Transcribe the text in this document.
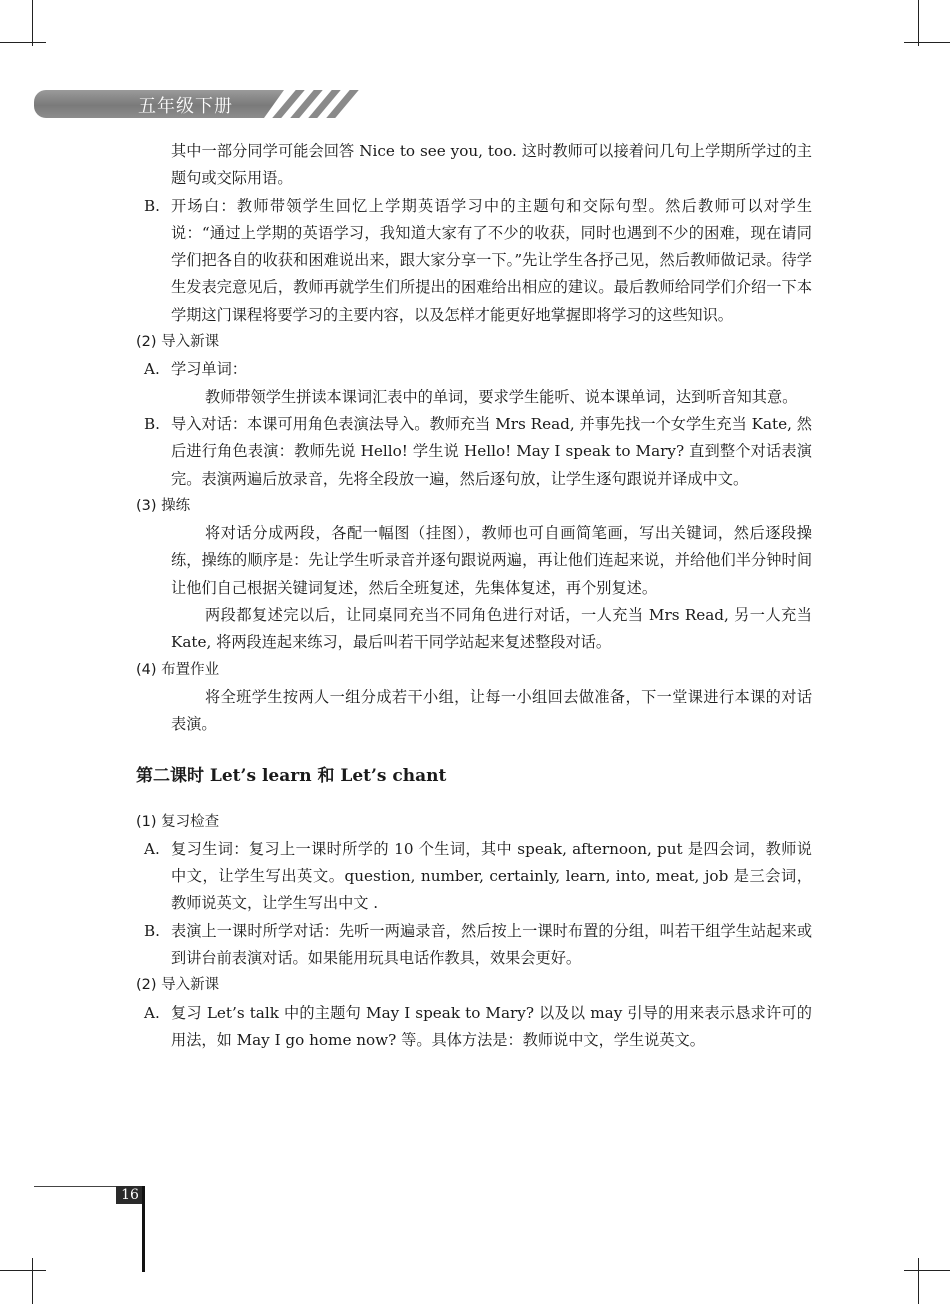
五年级下册

其中一部分同学可能会回答 Nice to see you, too. 这时教师可以接着问几句上学期所学过的主题句或交际用语。

B. 开场白：教师带领学生回忆上学期英语学习中的主题句和交际句型。然后教师可以对学生说：“通过上学期的英语学习，我知道大家有了不少的收获，同时也遇到不少的困难，现在请同学们把各自的收获和困难说出来，跟大家分享一下。”先让学生各抒己见，然后教师做记录。待学生发表完意见后，教师再就学生们所提出的困难给出相应的建议。最后教师给同学们介绍一下本学期这门课程将要学习的主要内容，以及怎样才能更好地掌握即将学习的这些知识。

(2) 导入新课

A. 学习单词：

教师带领学生拼读本课词汇表中的单词，要求学生能听、说本课单词，达到听音知其意。

B. 导入对话：本课可用角色表演法导入。教师充当 Mrs Read, 并事先找一个女学生充当 Kate, 然后进行角色表演：教师先说 Hello! 学生说 Hello! May I speak to Mary? 直到整个对话表演完。表演两遍后放录音，先将全段放一遍，然后逐句放，让学生逐句跟说并译成中文。

(3) 操练

将对话分成两段，各配一幅图（挂图），教师也可自画简笔画，写出关键词，然后逐段操练，操练的顺序是：先让学生听录音并逐句跟说两遍，再让他们连起来说，并给他们半分钟时间让他们自己根据关键词复述，然后全班复述，先集体复述，再个别复述。

两段都复述完以后，让同桌同充当不同角色进行对话，一人充当 Mrs Read, 另一人充当 Kate, 将两段连起来练习，最后叫若干同学站起来复述整段对话。

(4) 布置作业

将全班学生按两人一组分成若干小组，让每一小组回去做准备，下一堂课进行本课的对话表演。

第二课时 Let’s learn 和 Let’s chant

(1) 复习检查

A. 复习生词：复习上一课时所学的 10 个生词，其中 speak, afternoon, put 是四会词，教师说中文，让学生写出英文。question, number, certainly, learn, into, meat, job 是三会词，教师说英文，让学生写出中文 .
B. 表演上一课时所学对话：先听一两遍录音，然后按上一课时布置的分组，叫若干组学生站起来或到讲台前表演对话。如果能用玩具电话作教具，效果会更好。

(2) 导入新课

A. 复习 Let’s talk 中的主题句 May I speak to Mary? 以及以 may 引导的用来表示恳求许可的用法，如 May I go home now? 等。具体方法是：教师说中文，学生说英文。
16
